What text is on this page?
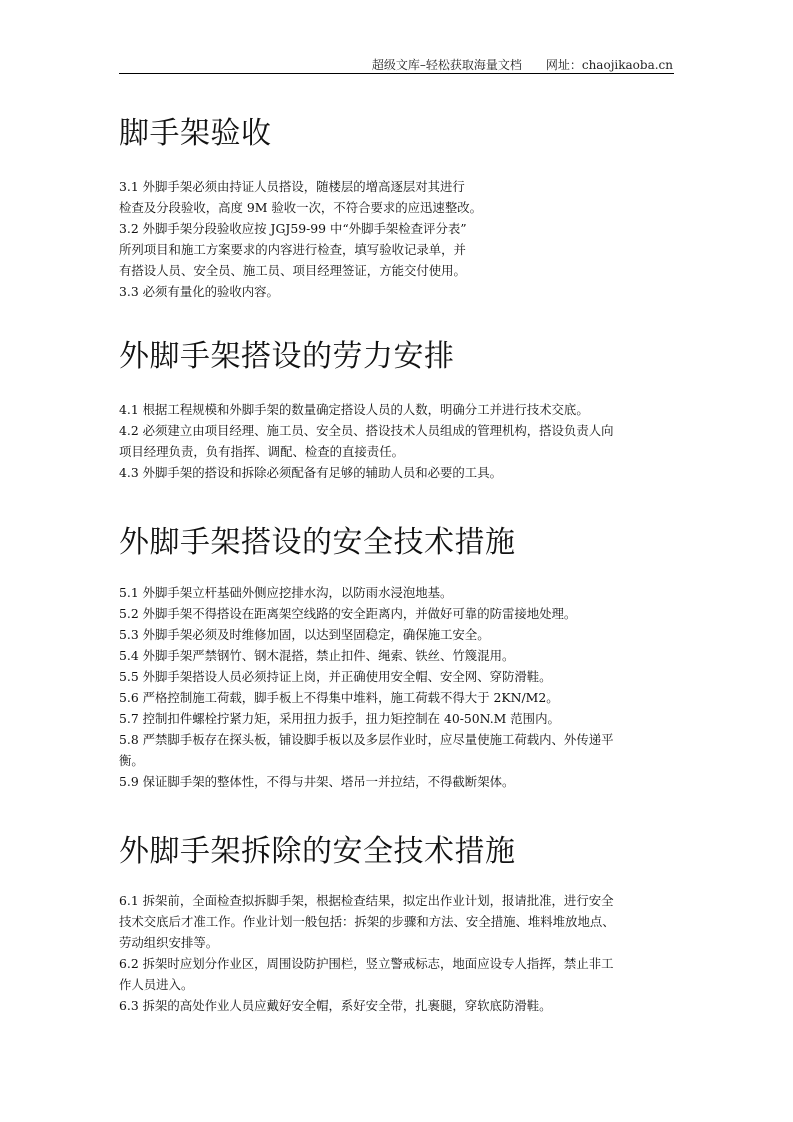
超级文库–轻松获取海量文档   网址：chaojikaoba.cn
脚手架验收
3.1 外脚手架必须由持证人员搭设，随楼层的增高逐层对其进行
检查及分段验收，高度 9M 验收一次，不符合要求的应迅速整改。
3.2 外脚手架分段验收应按 JGJ59-99 中“外脚手架检查评分表”
所列项目和施工方案要求的内容进行检查，填写验收记录单，并
有搭设人员、安全员、施工员、项目经理签证，方能交付使用。
3.3 必须有量化的验收内容。
外脚手架搭设的劳力安排
4.1 根据工程规模和外脚手架的数量确定搭设人员的人数，明确分工并进行技术交底。
4.2 必须建立由项目经理、施工员、安全员、搭设技术人员组成的管理机构，搭设负责人向
项目经理负责，负有指挥、调配、检查的直接责任。
4.3 外脚手架的搭设和拆除必须配备有足够的辅助人员和必要的工具。
外脚手架搭设的安全技术措施
5.1 外脚手架立杆基础外侧应挖排水沟，以防雨水浸泡地基。
5.2 外脚手架不得搭设在距离架空线路的安全距离内，并做好可靠的防雷接地处理。
5.3 外脚手架必须及时维修加固，以达到坚固稳定，确保施工安全。
5.4 外脚手架严禁钢竹、钢木混搭，禁止扣件、绳索、铁丝、竹篾混用。
5.5 外脚手架搭设人员必须持证上岗，并正确使用安全帽、安全网、穿防滑鞋。
5.6 严格控制施工荷载，脚手板上不得集中堆料，施工荷载不得大于 2KN/M2。
5.7 控制扣件螺栓拧紧力矩，采用扭力扳手，扭力矩控制在 40-50N.M 范围内。
5.8 严禁脚手板存在探头板，铺设脚手板以及多层作业时，应尽量使施工荷载内、外传递平
衡。
5.9 保证脚手架的整体性，不得与井架、塔吊一并拉结，不得截断架体。
外脚手架拆除的安全技术措施
6.1 拆架前，全面检查拟拆脚手架，根据检查结果，拟定出作业计划，报请批准，进行安全
技术交底后才准工作。作业计划一般包括：拆架的步骤和方法、安全措施、堆料堆放地点、
劳动组织安排等。
6.2 拆架时应划分作业区，周围设防护围栏，竖立警戒标志，地面应设专人指挥，禁止非工
作人员进入。
6.3 拆架的高处作业人员应戴好安全帽，系好安全带，扎裹腿，穿软底防滑鞋。
